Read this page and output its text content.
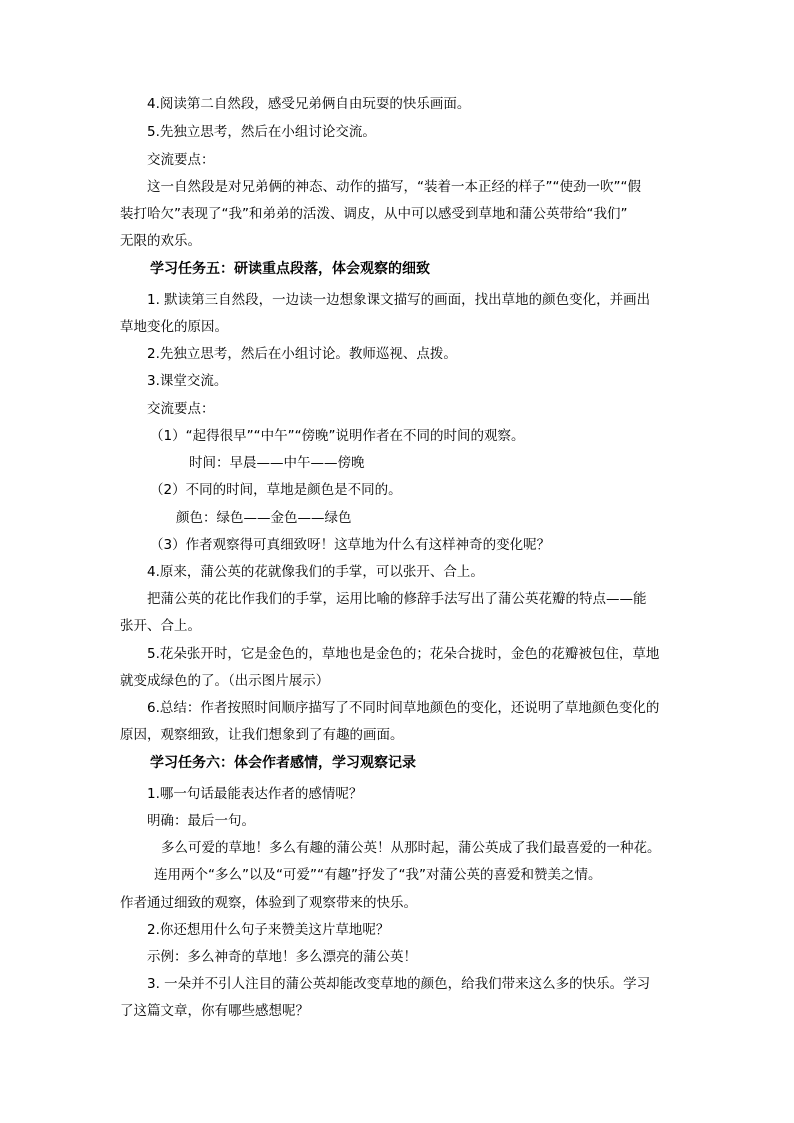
4.阅读第二自然段，感受兄弟俩自由玩耍的快乐画面。
5.先独立思考，然后在小组讨论交流。
交流要点：
这一自然段是对兄弟俩的神态、动作的描写，“装着一本正经的样子”“使劲一吹”“假
装打哈欠”表现了“我”和弟弟的活泼、调皮，从中可以感受到草地和蒲公英带给“我们”
无限的欢乐。
学习任务五：研读重点段落，体会观察的细致
1. 默读第三自然段，一边读一边想象课文描写的画面，找出草地的颜色变化，并画出
草地变化的原因。
2.先独立思考，然后在小组讨论。教师巡视、点拨。
3.课堂交流。
交流要点：
（1）“起得很早”“中午”“傍晚”说明作者在不同的时间的观察。
时间：早晨——中午——傍晚
（2）不同的时间，草地是颜色是不同的。
颜色：绿色——金色——绿色
（3）作者观察得可真细致呀！这草地为什么有这样神奇的变化呢？
4.原来，蒲公英的花就像我们的手掌，可以张开、合上。
把蒲公英的花比作我们的手掌，运用比喻的修辞手法写出了蒲公英花瓣的特点——能
张开、合上。
5.花朵张开时，它是金色的，草地也是金色的；花朵合拢时，金色的花瓣被包住，草地
就变成绿色的了。（出示图片展示）
6.总结：作者按照时间顺序描写了不同时间草地颜色的变化，还说明了草地颜色变化的
原因，观察细致，让我们想象到了有趣的画面。
学习任务六：体会作者感情，学习观察记录
1.哪一句话最能表达作者的感情呢？
明确：最后一句。
多么可爱的草地！多么有趣的蒲公英！从那时起，蒲公英成了我们最喜爱的一种花。
连用两个“多么”以及“可爱”“有趣”抒发了“我”对蒲公英的喜爱和赞美之情。
作者通过细致的观察，体验到了观察带来的快乐。
2.你还想用什么句子来赞美这片草地呢？
示例：多么神奇的草地！多么漂亮的蒲公英！
3. 一朵并不引人注目的蒲公英却能改变草地的颜色，给我们带来这么多的快乐。学习
了这篇文章，你有哪些感想呢？
